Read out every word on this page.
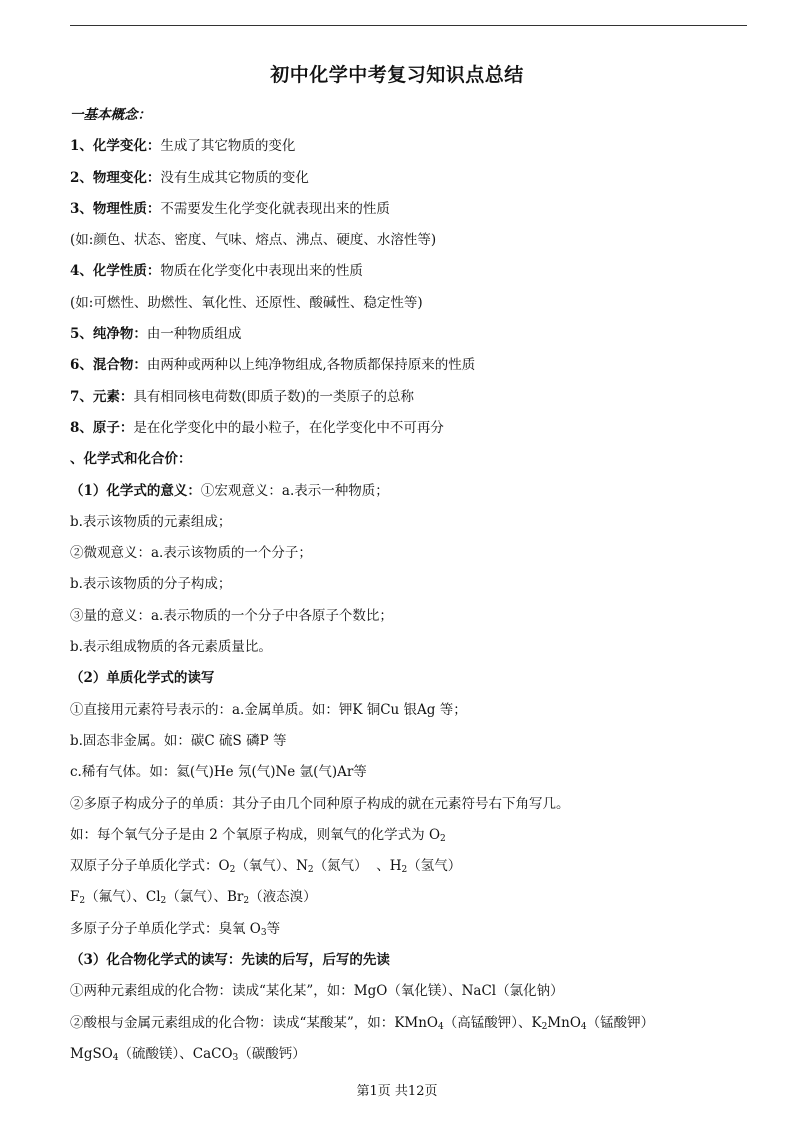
初中化学中考复习知识点总结
一基本概念：
1、化学变化：生成了其它物质的变化
2、物理变化：没有生成其它物质的变化
3、物理性质：不需要发生化学变化就表现出来的性质
(如:颜色、状态、密度、气味、熔点、沸点、硬度、水溶性等)
4、化学性质：物质在化学变化中表现出来的性质
(如:可燃性、助燃性、氧化性、还原性、酸碱性、稳定性等)
5、纯净物：由一种物质组成
6、混合物：由两种或两种以上纯净物组成,各物质都保持原来的性质
7、元素：具有相同核电荷数(即质子数)的一类原子的总称
8、原子：是在化学变化中的最小粒子，在化学变化中不可再分
、化学式和化合价：
（1）化学式的意义：①宏观意义：a.表示一种物质；
b.表示该物质的元素组成；
②微观意义：a.表示该物质的一个分子；
b.表示该物质的分子构成；
③量的意义：a.表示物质的一个分子中各原子个数比；
b.表示组成物质的各元素质量比。
（2）单质化学式的读写
①直接用元素符号表示的：a.金属单质。如：钾K 铜Cu 银Ag 等；
b.固态非金属。如：碳C 硫S 磷P 等
c.稀有气体。如：氦(气)He 氖(气)Ne 氩(气)Ar等
②多原子构成分子的单质：其分子由几个同种原子构成的就在元素符号右下角写几。
如：每个氧气分子是由 2 个氧原子构成，则氧气的化学式为 $O_2$
双原子分子单质化学式：$O_2$（氧气）、$N_2$（氮气）  、$H_2$（氢气）
$F_2$（氟气）、$Cl_2$（氯气）、$Br_2$（液态溴）
多原子分子单质化学式：臭氧 $O_3$等
（3）化合物化学式的读写：先读的后写，后写的先读
①两种元素组成的化合物：读成“某化某”，如：MgO（氧化镁）、NaCl（氯化钠）
②酸根与金属元素组成的化合物：读成“某酸某”，如：KMnO$_4$（高锰酸钾）、$K_2MnO_4$（锰酸钾）
MgSO$_4$（硫酸镁）、CaCO$_3$（碳酸钙）
第1页 共12页
